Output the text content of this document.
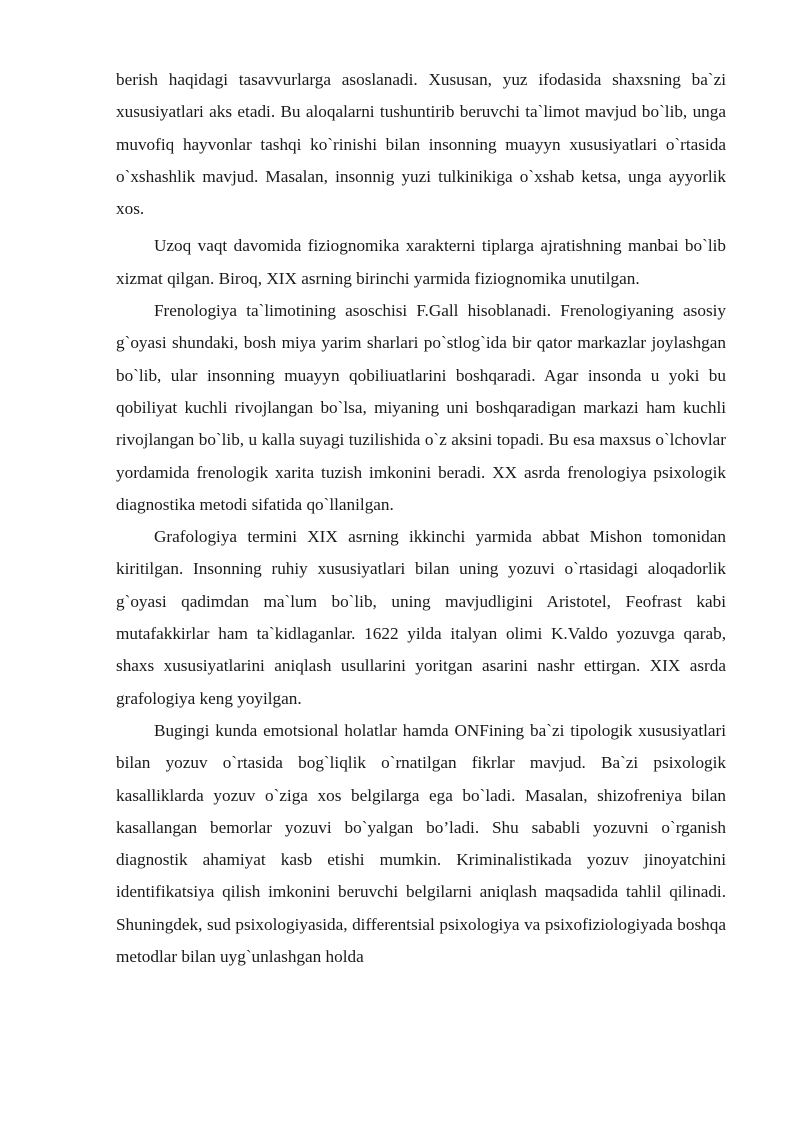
berish haqidagi tasavvurlarga asoslanadi. Xususan, yuz ifodasida shaxsning ba`zi xususiyatlari aks etadi. Bu aloqalarni tushuntirib beruvchi ta`limot mavjud bo`lib, unga muvofiq hayvonlar tashqi ko`rinishi bilan insonning muayyn xususiyatlari o`rtasida o`xshashlik mavjud. Masalan, insonnig yuzi tulkinikiga o`xshab ketsa, unga ayyorlik xos.

Uzoq vaqt davomida fiziognomika xarakterni tiplarga ajratishning manbai bo`lib xizmat qilgan. Biroq, XIX asrning birinchi yarmida fiziognomika unutilgan.

Frenologiya ta`limotining asoschisi F.Gall hisoblanadi. Frenologiyaning asosiy g`oyasi shundaki, bosh miya yarim sharlari po`stlog`ida bir qator markazlar joylashgan bo`lib, ular insonning muayyn qobiliuatlarini boshqaradi. Agar insonda u yoki bu qobiliyat kuchli rivojlangan bo`lsa, miyaning uni boshqaradigan markazi ham kuchli rivojlangan bo`lib, u kalla suyagi tuzilishida o`z aksini topadi. Bu esa maxsus o`lchovlar yordamida frenologik xarita tuzish imkonini beradi. XX asrda frenologiya psixologik diagnostika metodi sifatida qo`llanilgan.

Grafologiya termini XIX asrning ikkinchi yarmida abbat Mishon tomonidan kiritilgan. Insonning ruhiy xususiyatlari bilan uning yozuvi o`rtasidagi aloqadorlik g`oyasi qadimdan ma`lum bo`lib, uning mavjudligini Aristotel, Feofrast kabi mutafakkirlar ham ta`kidlaganlar. 1622 yilda italyan olimi K.Valdo yozuvga qarab, shaxs xususiyatlarini aniqlash usullarini yoritgan asarini nashr ettirgan. XIX asrda grafologiya keng yoyilgan.

Bugingi kunda emotsional holatlar hamda ONFining ba`zi tipologik xususiyatlari bilan yozuv o`rtasida bog`liqlik o`rnatilgan fikrlar mavjud. Ba`zi psixologik kasalliklarda yozuv o`ziga xos belgilarga ega bo`ladi. Masalan, shizofreniya bilan kasallangan bemorlar yozuvi bo`yalgan bo’ladi. Shu sababli yozuvni o`rganish diagnostik ahamiyat kasb etishi mumkin. Kriminalistikada yozuv jinoyatchini identifikatsiya qilish imkonini beruvchi belgilarni aniqlash maqsadida tahlil qilinadi. Shuningdek, sud psixologiyasida, differentsial psixologiya va psixofiziologiyada boshqa metodlar bilan uyg`unlashgan holda
